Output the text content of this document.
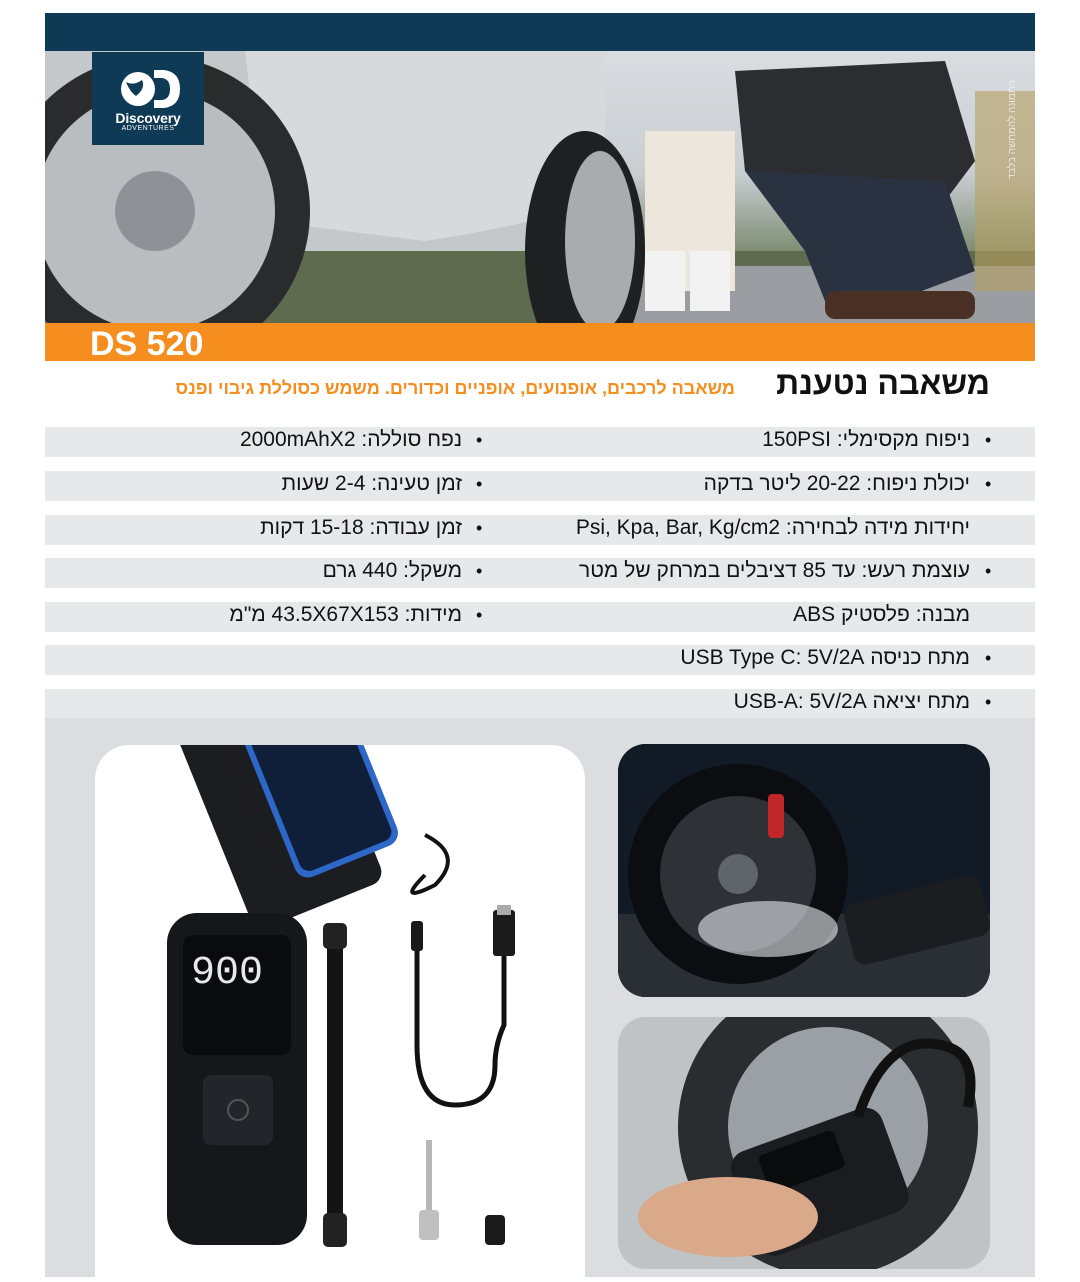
Discovery
ADVENTURES	התמונה להמחשה בלבד
DS 520
משאבה נטענת
משאבה לרכבים, אופנועים, אופניים וכדורים. משמש כסוללת גיבוי ופנס
•
ניפוח מקסימלי: 150PSI
•
יכולת ניפוח: 20-22 ליטר בדקה
יחידות מידה לבחירה: Psi, Kpa, Bar, Kg/cm2
•
עוצמת רעש: עד 85 דציבלים במרחק של מטר
מבנה: פלסטיק ABS
•
מתח כניסה USB Type C: 5V/2A
•
מתח יציאה USB-A: 5V/2A
•
נפח סוללה: 2000mAhX2
•
זמן טעינה: 2-4 שעות
•
זמן עבודה: 15-18 דקות
•
משקל: 440 גרם
•
מידות: 43.5X67X153 מ"מ
900
